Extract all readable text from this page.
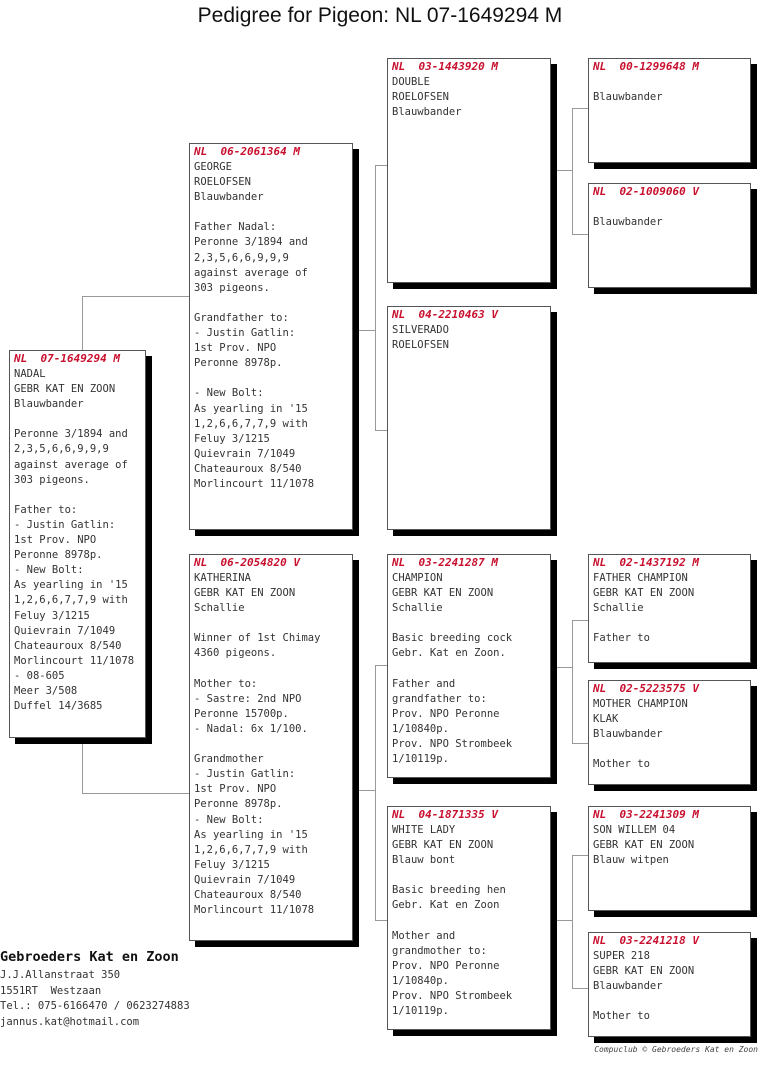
Pedigree for Pigeon: NL 07-1649294 M
NL  07-1649294 M
NADAL
GEBR KAT EN ZOON
Blauwbander
Peronne 3/1894 and
2,3,5,6,6,9,9,9
against average of
303 pigeons.
Father to:
- Justin Gatlin:
1st Prov. NPO
Peronne 8978p.
- New Bolt:
As yearling in '15
1,2,6,6,7,7,9 with
Feluy 3/1215
Quievrain 7/1049
Chateauroux 8/540
Morlincourt 11/1078
- 08-605
Meer 3/508
Duffel 14/3685
NL  06-2061364 M
GEORGE
ROELOFSEN
Blauwbander
Father Nadal:
Peronne 3/1894 and
2,3,5,6,6,9,9,9
against average of
303 pigeons.
Grandfather to:
- Justin Gatlin:
1st Prov. NPO
Peronne 8978p.
- New Bolt:
As yearling in '15
1,2,6,6,7,7,9 with
Feluy 3/1215
Quievrain 7/1049
Chateauroux 8/540
Morlincourt 11/1078
NL  06-2054820 V
KATHERINA
GEBR KAT EN ZOON
Schallie
Winner of 1st Chimay
4360 pigeons.
Mother to:
- Sastre: 2nd NPO
Peronne 15700p.
- Nadal: 6x 1/100.
Grandmother
- Justin Gatlin:
1st Prov. NPO
Peronne 8978p.
- New Bolt:
As yearling in '15
1,2,6,6,7,7,9 with
Feluy 3/1215
Quievrain 7/1049
Chateauroux 8/540
Morlincourt 11/1078
NL  03-1443920 M
DOUBLE
ROELOFSEN
Blauwbander
NL  04-2210463 V
SILVERADO
ROELOFSEN
NL  03-2241287 M
CHAMPION
GEBR KAT EN ZOON
Schallie
Basic breeding cock
Gebr. Kat en Zoon.
Father and
grandfather to:
Prov. NPO Peronne
1/10840p.
Prov. NPO Strombeek
1/10119p.
NL  04-1871335 V
WHITE LADY
GEBR KAT EN ZOON
Blauw bont
Basic breeding hen
Gebr. Kat en Zoon
Mother and
grandmother to:
Prov. NPO Peronne
1/10840p.
Prov. NPO Strombeek
1/10119p.
NL  00-1299648 M
Blauwbander
NL  02-1009060 V
Blauwbander
NL  02-1437192 M
FATHER CHAMPION
GEBR KAT EN ZOON
Schallie
Father to
NL  02-5223575 V
MOTHER CHAMPION
KLAK
Blauwbander
Mother to
NL  03-2241309 M
SON WILLEM 04
GEBR KAT EN ZOON
Blauw witpen
NL  03-2241218 V
SUPER 218
GEBR KAT EN ZOON
Blauwbander
Mother to
Gebroeders Kat en Zoon
J.J.Allanstraat 350
1551RT  Westzaan
Tel.: 075-6166470 / 0623274883
jannus.kat@hotmail.com
Compuclub © Gebroeders Kat en Zoon
